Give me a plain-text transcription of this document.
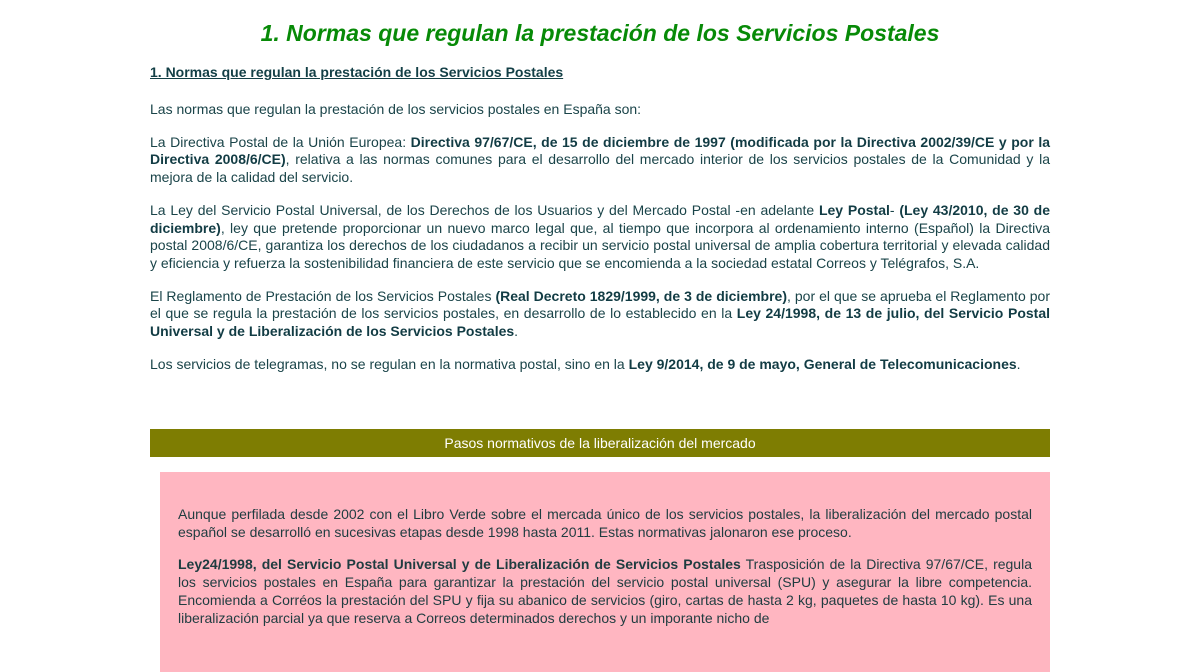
1. Normas que regulan la prestación de los Servicios Postales
1. Normas que regulan la prestación de los Servicios Postales

Las normas que regulan la prestación de los servicios postales en España son:

La Directiva Postal de la Unión Europea: Directiva 97/67/CE, de 15 de diciembre de 1997 (modificada por la Directiva 2002/39/CE y por la Directiva 2008/6/CE), relativa a las normas comunes para el desarrollo del mercado interior de los servicios postales de la Comunidad y la mejora de la calidad del servicio.

La Ley del Servicio Postal Universal, de los Derechos de los Usuarios y del Mercado Postal -en adelante Ley Postal- (Ley 43/2010, de 30 de diciembre), ley que pretende proporcionar un nuevo marco legal que, al tiempo que incorpora al ordenamiento interno (Español) la Directiva postal 2008/6/CE, garantiza los derechos de los ciudadanos a recibir un servicio postal universal de amplia cobertura territorial y elevada calidad y eficiencia y refuerza la sostenibilidad financiera de este servicio que se encomienda a la sociedad estatal Correos y Telégrafos, S.A.

El Reglamento de Prestación de los Servicios Postales (Real Decreto 1829/1999, de 3 de diciembre), por el que se aprueba el Reglamento por el que se regula la prestación de los servicios postales, en desarrollo de lo establecido en la Ley 24/1998, de 13 de julio, del Servicio Postal Universal y de Liberalización de los Servicios Postales.

Los servicios de telegramas, no se regulan en la normativa postal, sino en la Ley 9/2014, de 9 de mayo, General de Telecomunicaciones.

Pasos normativos de la liberalización del mercado

Aunque perfilada desde 2002 con el Libro Verde sobre el mercada único de los servicios postales, la liberalización del mercado postal español se desarrolló en sucesivas etapas desde 1998 hasta 2011. Estas normativas jalonaron ese proceso.

Ley24/1998, del Servicio Postal Universal y de Liberalización de Servicios Postales Trasposición de la Directiva 97/67/CE, regula los servicios postales en España para garantizar la prestación del servicio postal universal (SPU) y asegurar la libre competencia. Encomienda a Corréos la prestación del SPU y fija su abanico de servicios (giro, cartas de hasta 2 kg, paquetes de hasta 10 kg). Es una liberalización parcial ya que reserva a Correos determinados derechos y un imporante nicho de
